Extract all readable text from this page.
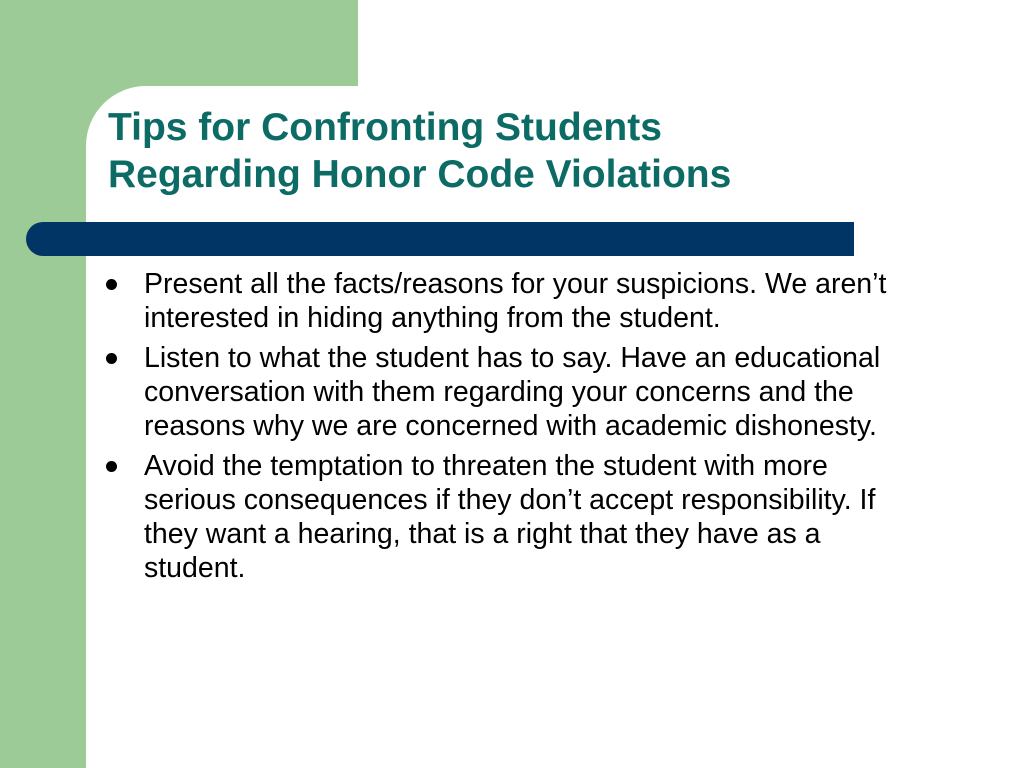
Tips for Confronting Students
Regarding Honor Code Violations
Present all the facts/reasons for your suspicions. We aren’t interested in hiding anything from the student.
Listen to what the student has to say. Have an educational conversation with them regarding your concerns and the reasons why we are concerned with academic dishonesty.
Avoid the temptation to threaten the student with more serious consequences if they don’t accept responsibility. If they want a hearing, that is a right that they have as a student.
